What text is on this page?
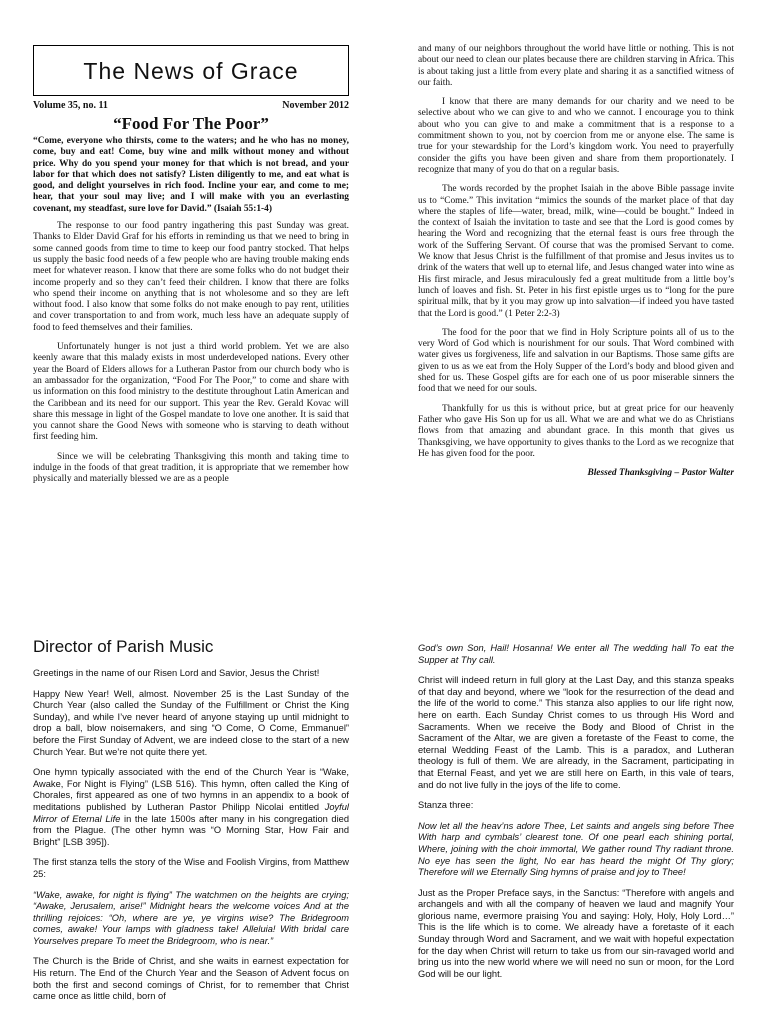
The News of Grace
Volume 35, no. 11	November 2012
“Food For The Poor”

“Come, everyone who thirsts, come to the waters; and he who has no money, come, buy and eat! Come, buy wine and milk without money and without price. Why do you spend your money for that which is not bread, and your labor for that which does not satisfy? Listen diligently to me, and eat what is good, and delight yourselves in rich food. Incline your ear, and come to me; hear, that your soul may live; and I will make with you an everlasting covenant, my steadfast, sure love for David.” (Isaiah 55:1-4)

The response to our food pantry ingathering this past Sunday was great. Thanks to Elder David Graf for his efforts in reminding us that we need to bring in some canned goods from time to time to keep our food pantry stocked. That helps us supply the basic food needs of a few people who are having trouble making ends meet for whatever reason. I know that there are some folks who do not budget their income properly and so they can’t feed their children. I know that there are folks who spend their income on anything that is not wholesome and so they are left without food. I also know that some folks do not make enough to pay rent, utilities and cover transportation to and from work, much less have an adequate supply of food to feed themselves and their families.

Unfortunately hunger is not just a third world problem. Yet we are also keenly aware that this malady exists in most underdeveloped nations. Every other year the Board of Elders allows for a Lutheran Pastor from our church body who is an ambassador for the organization, “Food For The Poor,” to come and share with us information on this food ministry to the destitute throughout Latin American and the Caribbean and its need for our support. This year the Rev. Gerald Kovac will share this message in light of the Gospel mandate to love one another. It is said that you cannot share the Good News with someone who is starving to death without first feeding him.

Since we will be celebrating Thanksgiving this month and taking time to indulge in the foods of that great tradition, it is appropriate that we remember how physically and materially blessed we are as a people

and many of our neighbors throughout the world have little or nothing. This is not about our need to clean our plates because there are children starving in Africa. This is about taking just a little from every plate and sharing it as a sanctified witness of our faith.

I know that there are many demands for our charity and we need to be selective about who we can give to and who we cannot. I encourage you to think about who you can give to and make a commitment that is a response to a commitment shown to you, not by coercion from me or anyone else. The same is true for your stewardship for the Lord’s kingdom work. You need to prayerfully consider the gifts you have been given and share from them proportionately. I recognize that many of you do that on a regular basis.

The words recorded by the prophet Isaiah in the above Bible passage invite us to “Come.” This invitation “mimics the sounds of the market place of that day where the staples of life—water, bread, milk, wine—could be bought.” Indeed in the context of Isaiah the invitation to taste and see that the Lord is good comes by hearing the Word and recognizing that the eternal feast is ours free through the work of the Suffering Servant. Of course that was the promised Servant to come. We know that Jesus Christ is the fulfillment of that promise and Jesus invites us to drink of the waters that well up to eternal life, and Jesus changed water into wine as His first miracle, and Jesus miraculously fed a great multitude from a little boy’s lunch of loaves and fish. St. Peter in his first epistle urges us to “long for the pure spiritual milk, that by it you may grow up into salvation—if indeed you have tasted that the Lord is good.” (1 Peter 2:2-3)

The food for the poor that we find in Holy Scripture points all of us to the very Word of God which is nourishment for our souls. That Word combined with water gives us forgiveness, life and salvation in our Baptisms. Those same gifts are given to us as we eat from the Holy Supper of the Lord’s body and blood given and shed for us. These Gospel gifts are for each one of us poor miserable sinners the food that we need for our souls.

Thankfully for us this is without price, but at great price for our heavenly Father who gave His Son up for us all. What we are and what we do as Christians flows from that amazing and abundant grace. In this month that gives us Thanksgiving, we have opportunity to gives thanks to the Lord as we recognize that He has given food for the poor.

Blessed Thanksgiving – Pastor Walter

Director of Parish Music

Greetings in the name of our Risen Lord and Savior, Jesus the Christ!

Happy New Year! Well, almost. November 25 is the Last Sunday of the Church Year (also called the Sunday of the Fulfillment or Christ the King Sunday), and while I’ve never heard of anyone staying up until midnight to drop a ball, blow noisemakers, and sing “O Come, O Come, Emmanuel” before the First Sunday of Advent, we are indeed close to the start of a new Church Year. But we’re not quite there yet.

One hymn typically associated with the end of the Church Year is “Wake, Awake, For Night is Flying” (LSB 516). This hymn, often called the King of Chorales, first appeared as one of two hymns in an appendix to a book of meditations published by Lutheran Pastor Philipp Nicolai entitled Joyful Mirror of Eternal Life in the late 1500s after many in his congregation died from the Plague. (The other hymn was “O Morning Star, How Fair and Bright” [LSB 395]).

The first stanza tells the story of the Wise and Foolish Virgins, from Matthew 25:

“Wake, awake, for night is flying” The watchmen on the heights are crying; “Awake, Jerusalem, arise!” Midnight hears the welcome voices And at the thrilling rejoices: “Oh, where are ye, ye virgins wise? The Bridegroom comes, awake! Your lamps with gladness take! Alleluia! With bridal care Yourselves prepare To meet the Bridegroom, who is near.”

The Church is the Bride of Christ, and she waits in earnest expectation for His return. The End of the Church Year and the Season of Advent focus on both the first and second comings of Christ, for to remember that Christ came once as little child, born of

God’s own Son, Hail! Hosanna! We enter all The wedding hall To eat the Supper at Thy call.

Christ will indeed return in full glory at the Last Day, and this stanza speaks of that day and beyond, where we “look for the resurrection of the dead and the life of the world to come.” This stanza also applies to our life right now, here on earth. Each Sunday Christ comes to us through His Word and Sacraments. When we receive the Body and Blood of Christ in the Sacrament of the Altar, we are given a foretaste of the Feast to come, the eternal Wedding Feast of the Lamb. This is a paradox, and Lutheran theology is full of them. We are already, in the Sacrament, participating in that Eternal Feast, and yet we are still here on Earth, in this vale of tears, and do not live fully in the joys of the life to come.

Stanza three:

Now let all the heav’ns adore Thee, Let saints and angels sing before Thee With harp and cymbals’ clearest tone. Of one pearl each shining portal, Where, joining with the choir immortal, We gather round Thy radiant throne. No eye has seen the light, No ear has heard the might Of Thy glory; Therefore will we Eternally Sing hymns of praise and joy to Thee!

Just as the Proper Preface says, in the Sanctus: “Therefore with angels and archangels and with all the company of heaven we laud and magnify Your glorious name, evermore praising You and saying: Holy, Holy, Holy Lord…” This is the life which is to come. We already have a foretaste of it each Sunday through Word and Sacrament, and we wait with hopeful expectation for the day when Christ will return to take us from our sin-ravaged world and bring us into the new world where we will need no sun or moon, for the Lord God will be our light.
